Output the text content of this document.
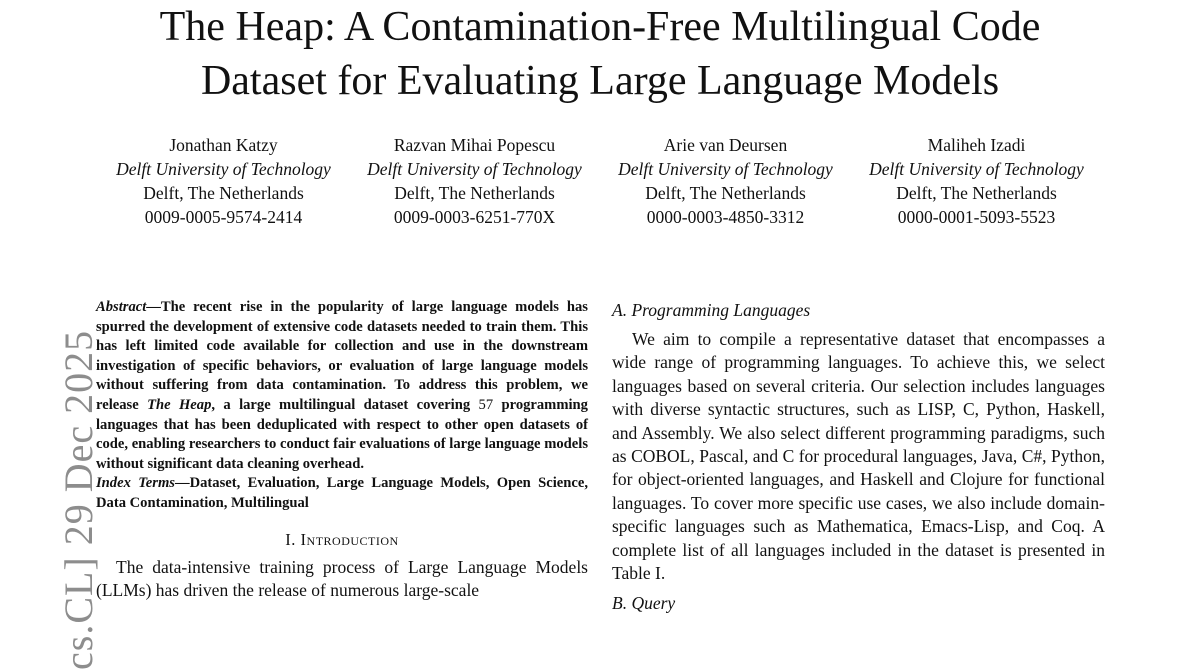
The Heap: A Contamination-Free Multilingual Code
Dataset for Evaluating Large Language Models
Jonathan Katzy
Delft University of Technology
Delft, The Netherlands
0009-0005-9574-2414
Razvan Mihai Popescu
Delft University of Technology
Delft, The Netherlands
0009-0003-6251-770X
Arie van Deursen
Delft University of Technology
Delft, The Netherlands
0000-0003-4850-3312
Maliheh Izadi
Delft University of Technology
Delft, The Netherlands
0000-0001-5093-5523
cs.CL] 29 Dec 2025

Abstract—The recent rise in the popularity of large language models has spurred the development of extensive code datasets needed to train them. This has left limited code available for collection and use in the downstream investigation of specific behaviors, or evaluation of large language models without suffering from data contamination. To address this problem, we release The Heap, a large multilingual dataset covering 57 programming languages that has been deduplicated with respect to other open datasets of code, enabling researchers to conduct fair evaluations of large language models without significant data cleaning overhead.

Index Terms—Dataset, Evaluation, Large Language Models, Open Science, Data Contamination, Multilingual

I. Introduction

The data-intensive training process of Large Language Models (LLMs) has driven the release of numerous large-scale

A. Programming Languages

We aim to compile a representative dataset that encompasses a wide range of programming languages. To achieve this, we select languages based on several criteria. Our selection includes languages with diverse syntactic structures, such as LISP, C, Python, Haskell, and Assembly. We also select different programming paradigms, such as COBOL, Pascal, and C for procedural languages, Java, C#, Python, for object-oriented languages, and Haskell and Clojure for functional languages. To cover more specific use cases, we also include domain-specific languages such as Mathematica, Emacs-Lisp, and Coq. A complete list of all languages included in the dataset is presented in Table I.

B. Query
